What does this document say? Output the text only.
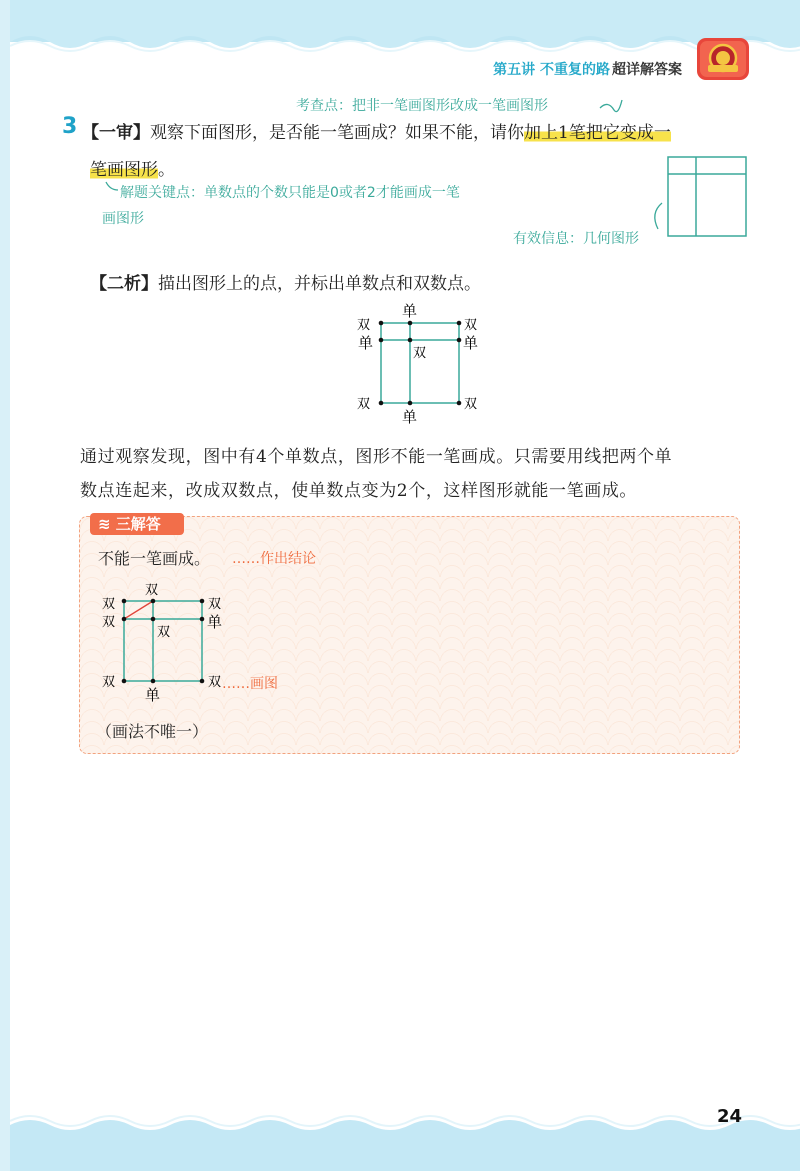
第五讲 不重复的路 超详解答案
3
考查点：把非一笔画图形改成一笔画图形
【一审】观察下面图形，是否能一笔画成？如果不能，请你加上1笔把它变成一
笔画图形。
解题关键点：单数点的个数只能是0或者2才能画成一笔
画图形
有效信息：几何图形
【二析】描出图形上的点，并标出单数点和双数点。
单
双	双
单	单
双
双	双
单
通过观察发现，图中有4个单数点，图形不能一笔画成。只需要用线把两个单
数点连起来，改成双数点，使单数点变为2个，这样图形就能一笔画成。
≋ 三解答
不能一笔画成。 ……作出结论
双
双	双
双	单
双
双	双
单
……画图
（画法不唯一）
24
